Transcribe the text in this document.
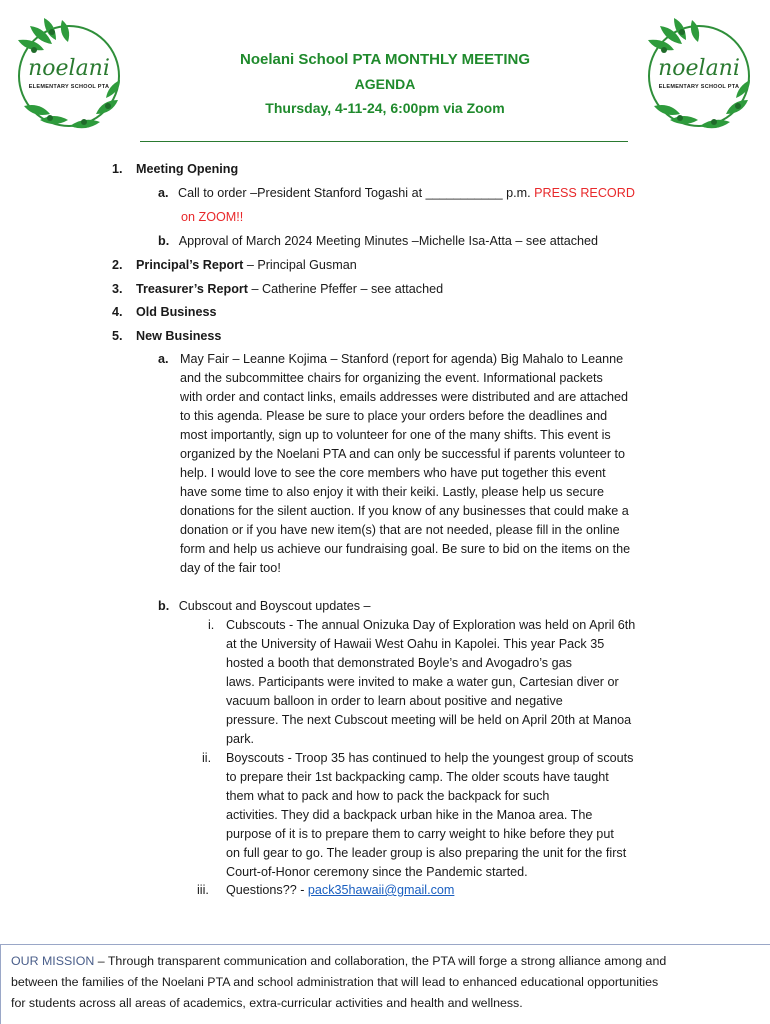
noelani
ELEMENTARY SCHOOL PTA
noelani
ELEMENTARY SCHOOL PTA
Noelani School PTA MONTHLY MEETING
AGENDA
Thursday, 4-11-24, 6:00pm via Zoom
1. Meeting Opening
a. Call to order –President Stanford Togashi at ___________ p.m. PRESS RECORD
on ZOOM!!
b. Approval of March 2024 Meeting Minutes –Michelle Isa-Atta – see attached
2. Principal’s Report – Principal Gusman
3. Treasurer’s Report – Catherine Pfeffer – see attached
4. Old Business
5. New Business
a. May Fair – Leanne Kojima – Stanford (report for agenda) Big Mahalo to Leanne
and the subcommittee chairs for organizing the event. Informational packets
with order and contact links, emails addresses were distributed and are attached
to this agenda. Please be sure to place your orders before the deadlines and
most importantly, sign up to volunteer for one of the many shifts. This event is
organized by the Noelani PTA and can only be successful if parents volunteer to
help. I would love to see the core members who have put together this event
have some time to also enjoy it with their keiki. Lastly, please help us secure
donations for the silent auction. If you know of any businesses that could make a
donation or if you have new item(s) that are not needed, please fill in the online
form and help us achieve our fundraising goal. Be sure to bid on the items on the
day of the fair too!
b. Cubscout and Boyscout updates –
i. Cubscouts - The annual Onizuka Day of Exploration was held on April 6th
at the University of Hawaii West Oahu in Kapolei. This year Pack 35
hosted a booth that demonstrated Boyle’s and Avogadro’s gas
laws. Participants were invited to make a water gun, Cartesian diver or
vacuum balloon in order to learn about positive and negative
pressure. The next Cubscout meeting will be held on April 20th at Manoa
park.
ii. Boyscouts - Troop 35 has continued to help the youngest group of scouts
to prepare their 1st backpacking camp. The older scouts have taught
them what to pack and how to pack the backpack for such
activities. They did a backpack urban hike in the Manoa area. The
purpose of it is to prepare them to carry weight to hike before they put
on full gear to go. The leader group is also preparing the unit for the first
Court-of-Honor ceremony since the Pandemic started.
iii. Questions?? - pack35hawaii@gmail.com
OUR MISSION – Through transparent communication and collaboration, the PTA will forge a strong alliance among and
between the families of the Noelani PTA and school administration that will lead to enhanced educational opportunities
for students across all areas of academics, extra-curricular activities and health and wellness.
